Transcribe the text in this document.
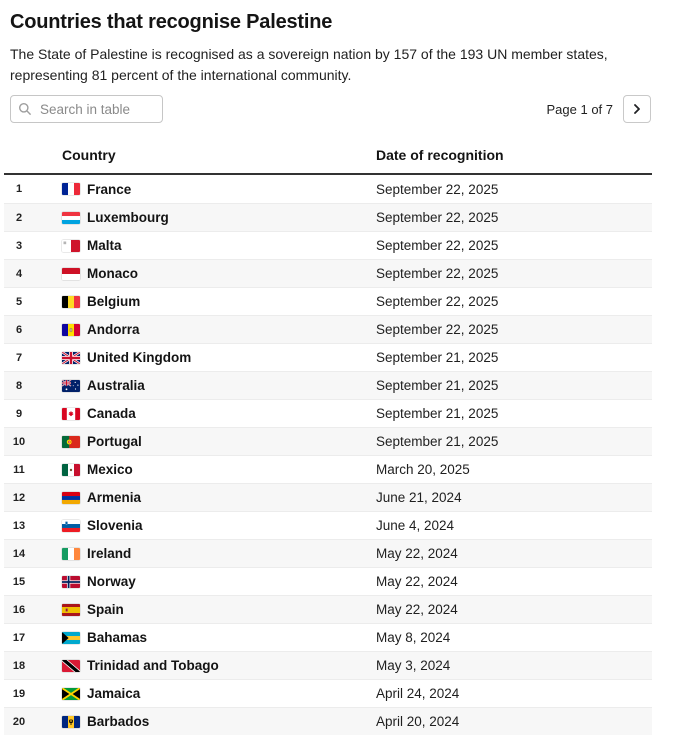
Countries that recognise Palestine

The State of Palestine is recognised as a sovereign nation by 157 of the 193 UN member states, representing 81 percent of the international community.

Search in table
Page 1 of 7
Country	Date of recognition
1	France	September 22, 2025
2	Luxembourg	September 22, 2025
3	Malta	September 22, 2025
4	Monaco	September 22, 2025
5	Belgium	September 22, 2025
6	Andorra	September 22, 2025
7	United Kingdom	September 21, 2025
8	Australia	September 21, 2025
9	Canada	September 21, 2025
10	Portugal	September 21, 2025
11	Mexico	March 20, 2025
12	Armenia	June 21, 2024
13	Slovenia	June 4, 2024
14	Ireland	May 22, 2024
15	Norway	May 22, 2024
16	Spain	May 22, 2024
17	Bahamas	May 8, 2024
18	Trinidad and Tobago	May 3, 2024
19	Jamaica	April 24, 2024
20	Barbados	April 20, 2024
